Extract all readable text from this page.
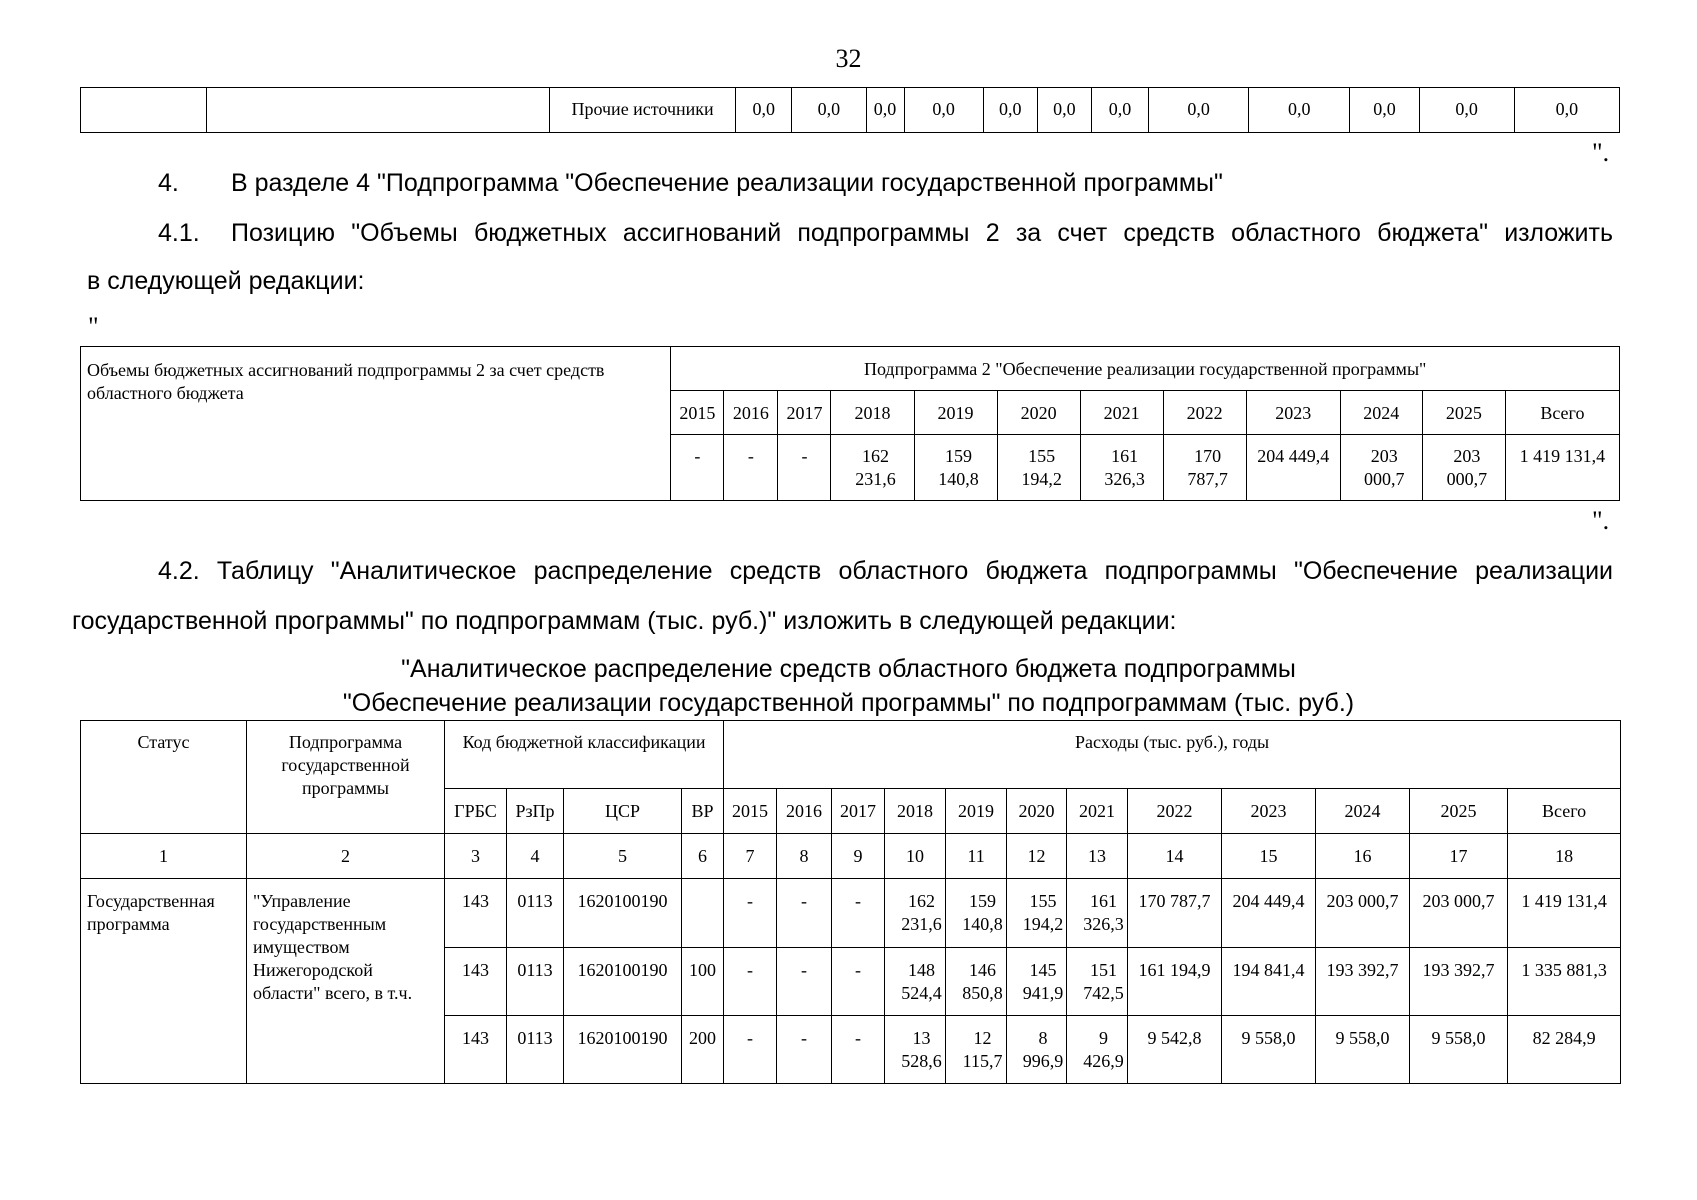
32
		Прочие источники	0,0	0,0	0,0	0,0	0,0	0,0	0,0	0,0	0,0	0,0	0,0	0,0
".
4. В разделе 4 "Подпрограмма "Обеспечение реализации государственной программы"
4.1. Позицию "Объемы бюджетных ассигнований подпрограммы 2 за счет средств областного бюджета" изложить
в следующей редакции:
"
Объемы бюджетных ассигнований подпрограммы 2 за счет средств областного бюджета	Подпрограмма 2 "Обеспечение реализации государственной программы"											
	2015	2016	2017	2018	2019	2020	2021	2022	2023	2024	2025	Всего
	-	-	-	162 231,6	159 140,8	155 194,2	161 326,3	170 787,7	204 449,4	203 000,7	203 000,7	1 419 131,4
".
4.2. Таблицу "Аналитическое распределение средств областного бюджета подпрограммы "Обеспечение реализации
государственной программы" по подпрограммам (тыс. руб.)" изложить в следующей редакции:
"Аналитическое распределение средств областного бюджета подпрограммы
"Обеспечение реализации государственной программы" по подпрограммам (тыс. руб.)
Статус	Подпрограмма государственной программы	Код бюджетной классификации				Расходы (тыс. руб.), годы											
		ГРБС	РзПр	ЦСР	ВР	2015	2016	2017	2018	2019	2020	2021	2022	2023	2024	2025	Всего
1	2	3	4	5	6	7	8	9	10	11	12	13	14	15	16	17	18
Государственная программа	"Управление государственным имуществом Нижегородской области" всего, в т.ч.	143	0113	1620100190		-	-	-	162 231,6	159 140,8	155 194,2	161 326,3	170 787,7	204 449,4	203 000,7	203 000,7	1 419 131,4
		143	0113	1620100190	100	-	-	-	148 524,4	146 850,8	145 941,9	151 742,5	161 194,9	194 841,4	193 392,7	193 392,7	1 335 881,3
		143	0113	1620100190	200	-	-	-	13 528,6	12 115,7	8 996,9	9 426,9	9 542,8	9 558,0	9 558,0	9 558,0	82 284,9
